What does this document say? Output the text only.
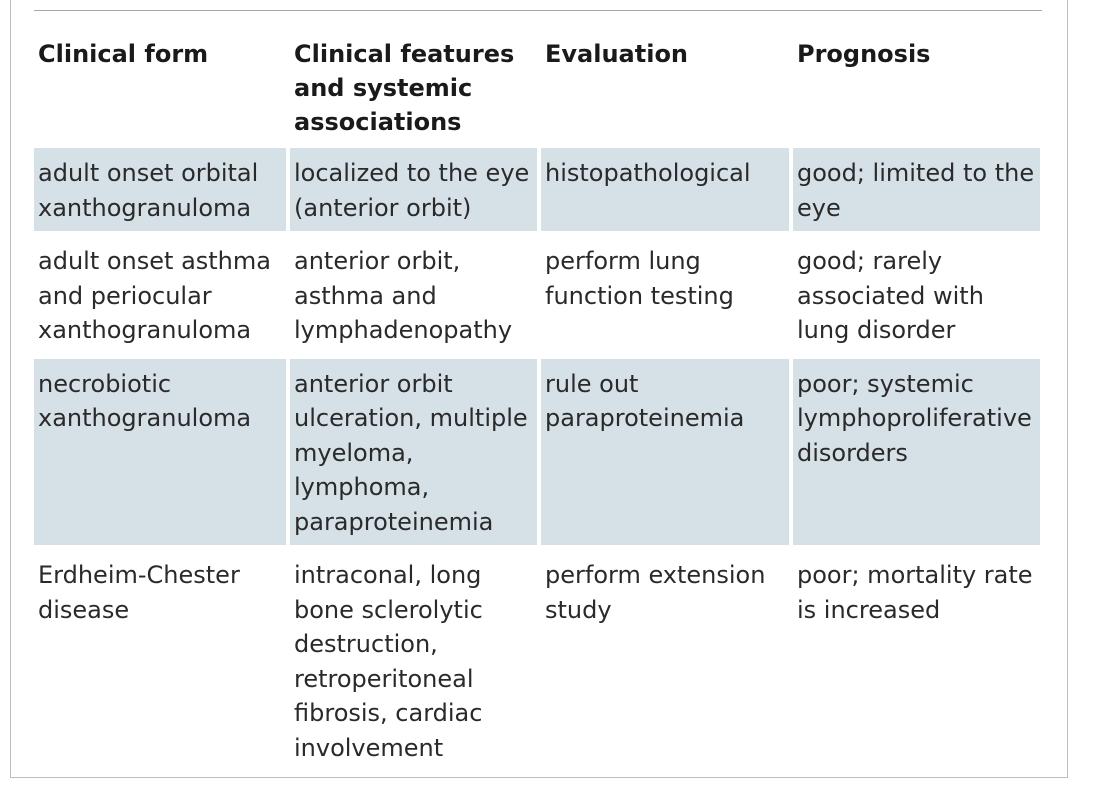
Clinical form	Clinical features and systemic associations	Evaluation	Prognosis
adult onset orbital xanthogranuloma	localized to the eye (anterior orbit)	histopathological	good; limited to the eye
adult onset asthma and periocular xanthogranuloma	anterior orbit, asthma and lymphadenopathy	perform lung function testing	good; rarely associated with lung disorder
necrobiotic xanthogranuloma	anterior orbit ulceration, multiple myeloma, lymphoma, paraproteinemia	rule out paraproteinemia	poor; systemic lymphoproliferative disorders
Erdheim-Chester disease	intraconal, long bone sclerolytic destruction, retroperitoneal fibrosis, cardiac involvement	perform extension study	poor; mortality rate is increased
